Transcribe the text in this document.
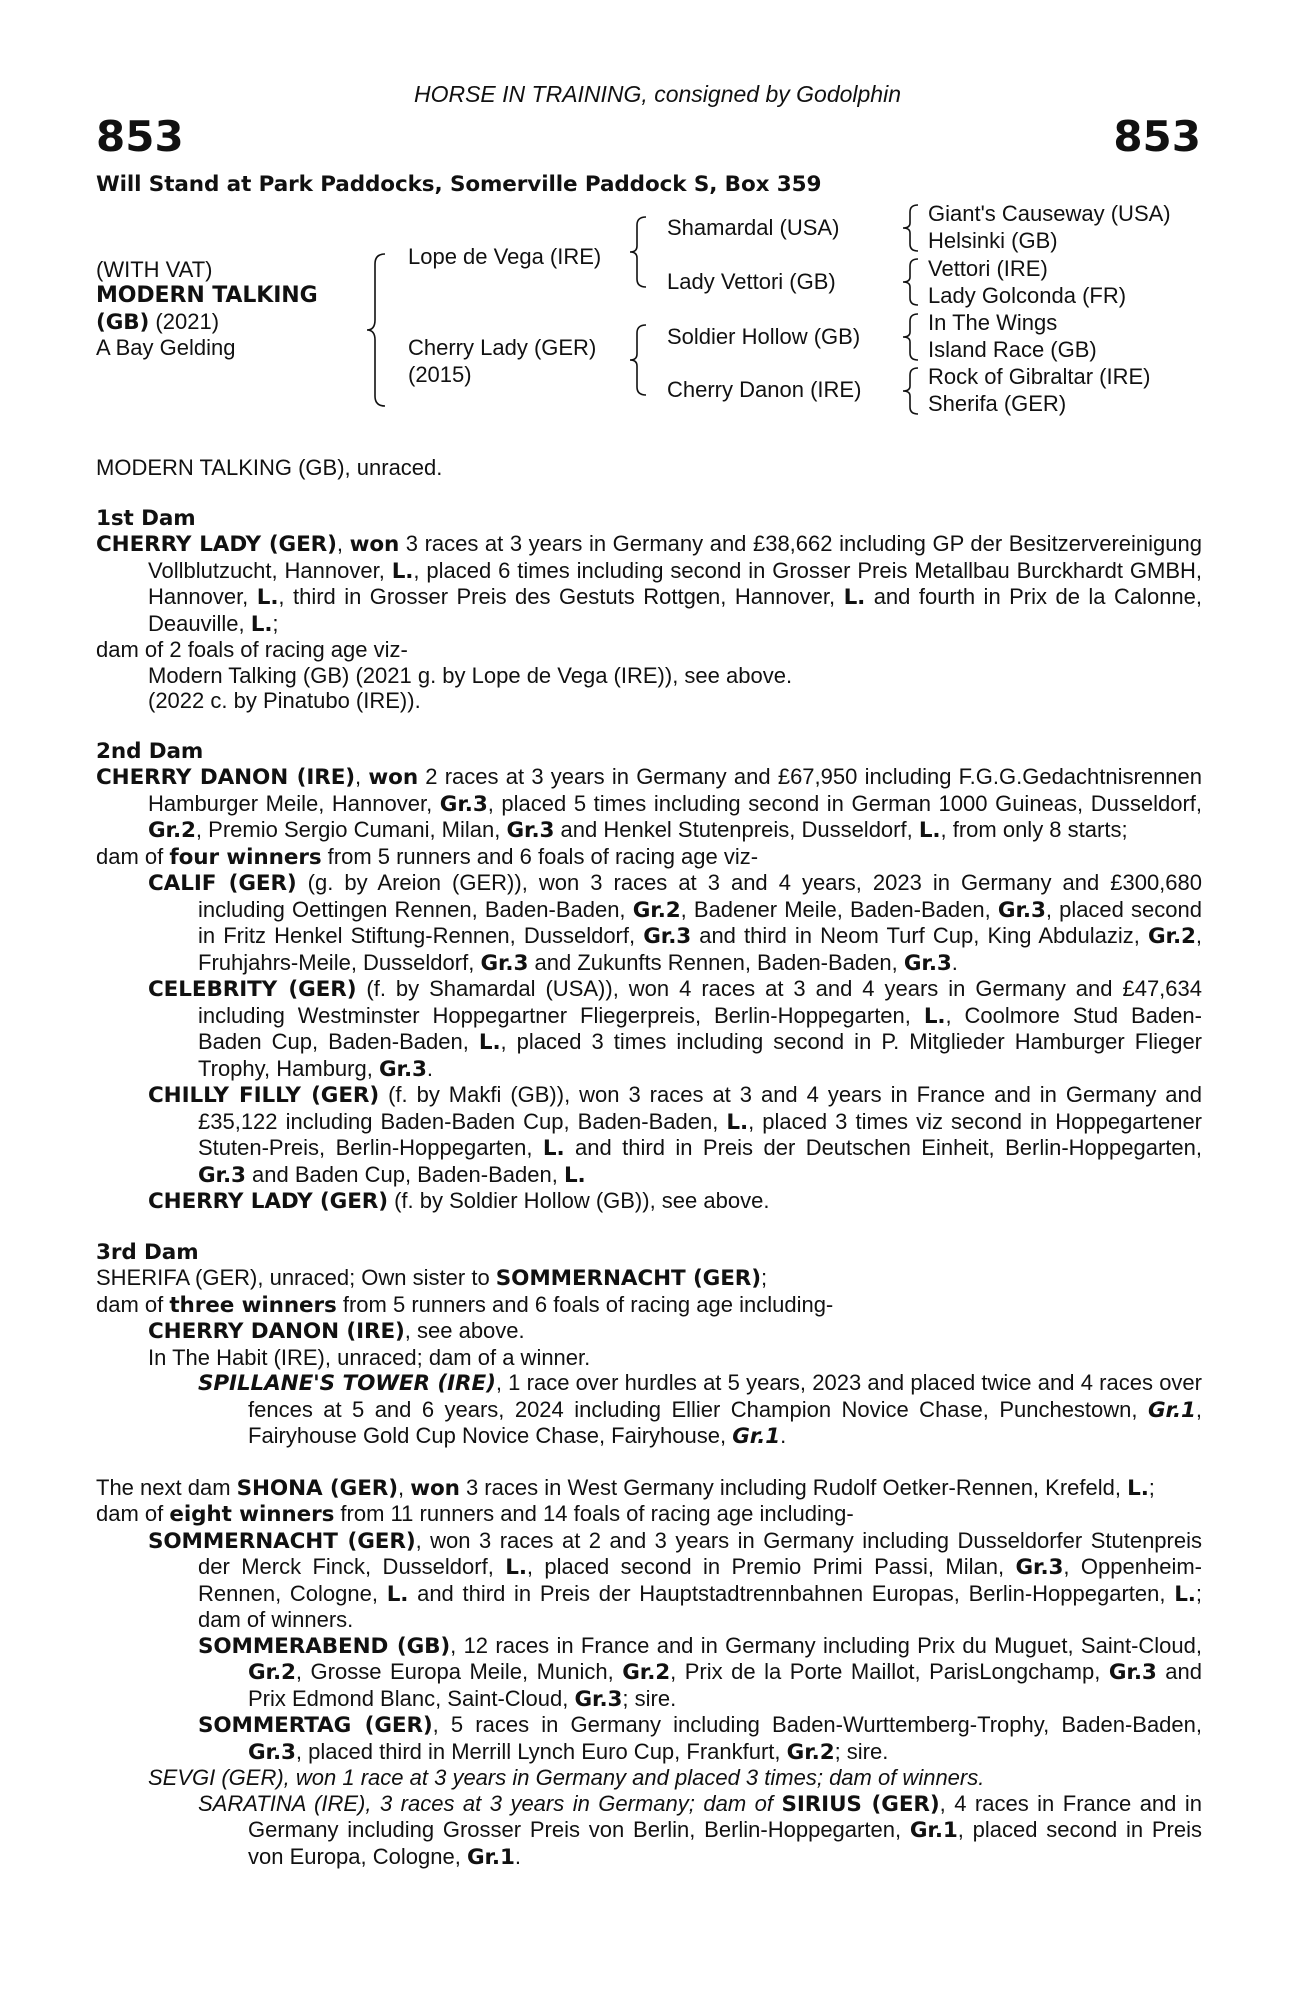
HORSE IN TRAINING, consigned by Godolphin
853	853
Will Stand at Park Paddocks, Somerville Paddock S, Box 359
(WITH VAT)
MODERN TALKING
(GB) (2021)
A Bay Gelding
Lope de Vega (IRE)
Cherry Lady (GER)
(2015)
Shamardal (USA)
Lady Vettori (GB)
Soldier Hollow (GB)
Cherry Danon (IRE)
Giant's Causeway (USA)
Helsinki (GB)
Vettori (IRE)
Lady Golconda (FR)
In The Wings
Island Race (GB)
Rock of Gibraltar (IRE)
Sherifa (GER)
MODERN TALKING (GB), unraced.
1st Dam
CHERRY LADY (GER), won 3 races at 3 years in Germany and £38,662 including GP der Besitzervereinigung Vollblutzucht, Hannover, L., placed 6 times including second in Grosser Preis Metallbau Burckhardt GMBH, Hannover, L., third in Grosser Preis des Gestuts Rottgen, Hannover, L. and fourth in Prix de la Calonne, Deauville, L.;
dam of 2 foals of racing age viz-
Modern Talking (GB) (2021 g. by Lope de Vega (IRE)), see above.
(2022 c. by Pinatubo (IRE)).
2nd Dam
CHERRY DANON (IRE), won 2 races at 3 years in Germany and £67,950 including F.G.G.Gedachtnisrennen Hamburger Meile, Hannover, Gr.3, placed 5 times including second in German 1000 Guineas, Dusseldorf, Gr.2, Premio Sergio Cumani, Milan, Gr.3 and Henkel Stutenpreis, Dusseldorf, L., from only 8 starts;
dam of four winners from 5 runners and 6 foals of racing age viz-
CALIF (GER) (g. by Areion (GER)), won 3 races at 3 and 4 years, 2023 in Germany and £300,680 including Oettingen Rennen, Baden-Baden, Gr.2, Badener Meile, Baden-Baden, Gr.3, placed second in Fritz Henkel Stiftung-Rennen, Dusseldorf, Gr.3 and third in Neom Turf Cup, King Abdulaziz, Gr.2, Fruhjahrs-Meile, Dusseldorf, Gr.3 and Zukunfts Rennen, Baden-Baden, Gr.3.
CELEBRITY (GER) (f. by Shamardal (USA)), won 4 races at 3 and 4 years in Germany and £47,634 including Westminster Hoppegartner Fliegerpreis, Berlin-Hoppegarten, L., Coolmore Stud Baden-Baden Cup, Baden-Baden, L., placed 3 times including second in P. Mitglieder Hamburger Flieger Trophy, Hamburg, Gr.3.
CHILLY FILLY (GER) (f. by Makfi (GB)), won 3 races at 3 and 4 years in France and in Germany and £35,122 including Baden-Baden Cup, Baden-Baden, L., placed 3 times viz second in Hoppegartener Stuten-Preis, Berlin-Hoppegarten, L. and third in Preis der Deutschen Einheit, Berlin-Hoppegarten, Gr.3 and Baden Cup, Baden-Baden, L.
CHERRY LADY (GER) (f. by Soldier Hollow (GB)), see above.
3rd Dam
SHERIFA (GER), unraced; Own sister to SOMMERNACHT (GER);
dam of three winners from 5 runners and 6 foals of racing age including-
CHERRY DANON (IRE), see above.
In The Habit (IRE), unraced; dam of a winner.
SPILLANE'S TOWER (IRE), 1 race over hurdles at 5 years, 2023 and placed twice and 4 races over fences at 5 and 6 years, 2024 including Ellier Champion Novice Chase, Punchestown, Gr.1, Fairyhouse Gold Cup Novice Chase, Fairyhouse, Gr.1.
The next dam SHONA (GER), won 3 races in West Germany including Rudolf Oetker-Rennen, Krefeld, L.;
dam of eight winners from 11 runners and 14 foals of racing age including-
SOMMERNACHT (GER), won 3 races at 2 and 3 years in Germany including Dusseldorfer Stutenpreis der Merck Finck, Dusseldorf, L., placed second in Premio Primi Passi, Milan, Gr.3, Oppenheim-Rennen, Cologne, L. and third in Preis der Hauptstadtrennbahnen Europas, Berlin-Hoppegarten, L.; dam of winners.
SOMMERABEND (GB), 12 races in France and in Germany including Prix du Muguet, Saint-Cloud, Gr.2, Grosse Europa Meile, Munich, Gr.2, Prix de la Porte Maillot, ParisLongchamp, Gr.3 and Prix Edmond Blanc, Saint-Cloud, Gr.3; sire.
SOMMERTAG (GER), 5 races in Germany including Baden-Wurttemberg-Trophy, Baden-Baden, Gr.3, placed third in Merrill Lynch Euro Cup, Frankfurt, Gr.2; sire.
SEVGI (GER), won 1 race at 3 years in Germany and placed 3 times; dam of winners.
SARATINA (IRE), 3 races at 3 years in Germany; dam of SIRIUS (GER), 4 races in France and in Germany including Grosser Preis von Berlin, Berlin-Hoppegarten, Gr.1, placed second in Preis von Europa, Cologne, Gr.1.
